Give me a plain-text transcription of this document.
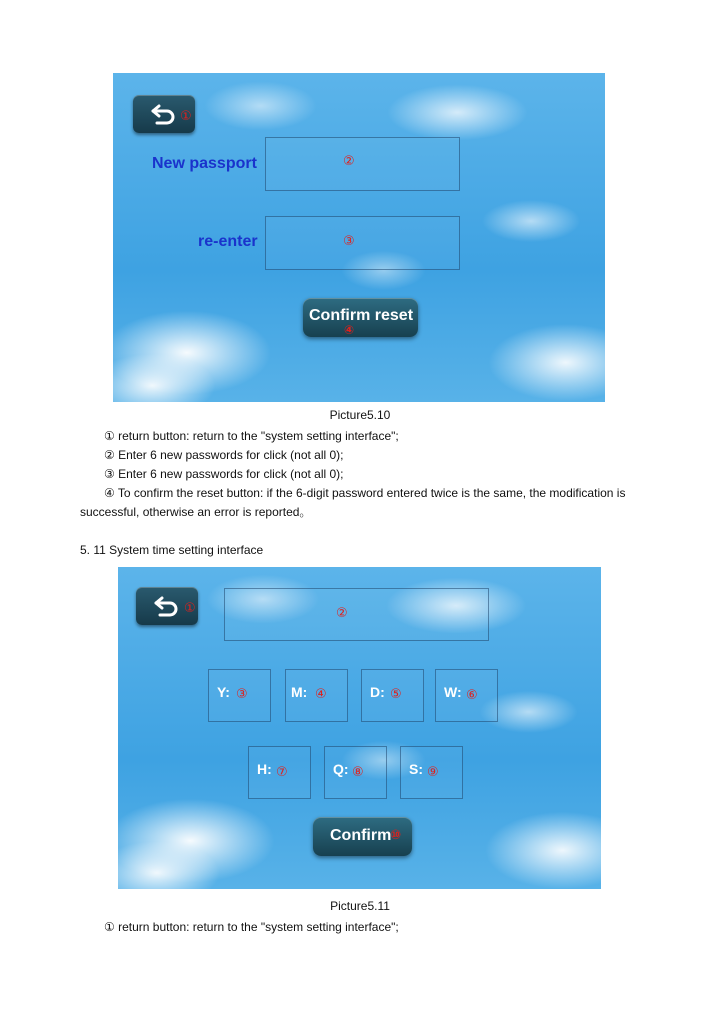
①
New passport	②
re-enter	③
Confirm reset
④
Picture5.10
① return button: return to the "system setting interface";
② Enter 6 new passwords for click (not all 0);
③ Enter 6 new passwords for click (not all 0);
④ To confirm the reset button: if the 6-digit password entered twice is the same, the modification is
successful, otherwise an error is reported。
5. 11 System time setting interface
①	②
Y: ③	M: ④	D: ⑤	W: ⑥
H: ⑦	Q: ⑧	S: ⑨
Confirm
⑩
Picture5.11
① return button: return to the "system setting interface";
